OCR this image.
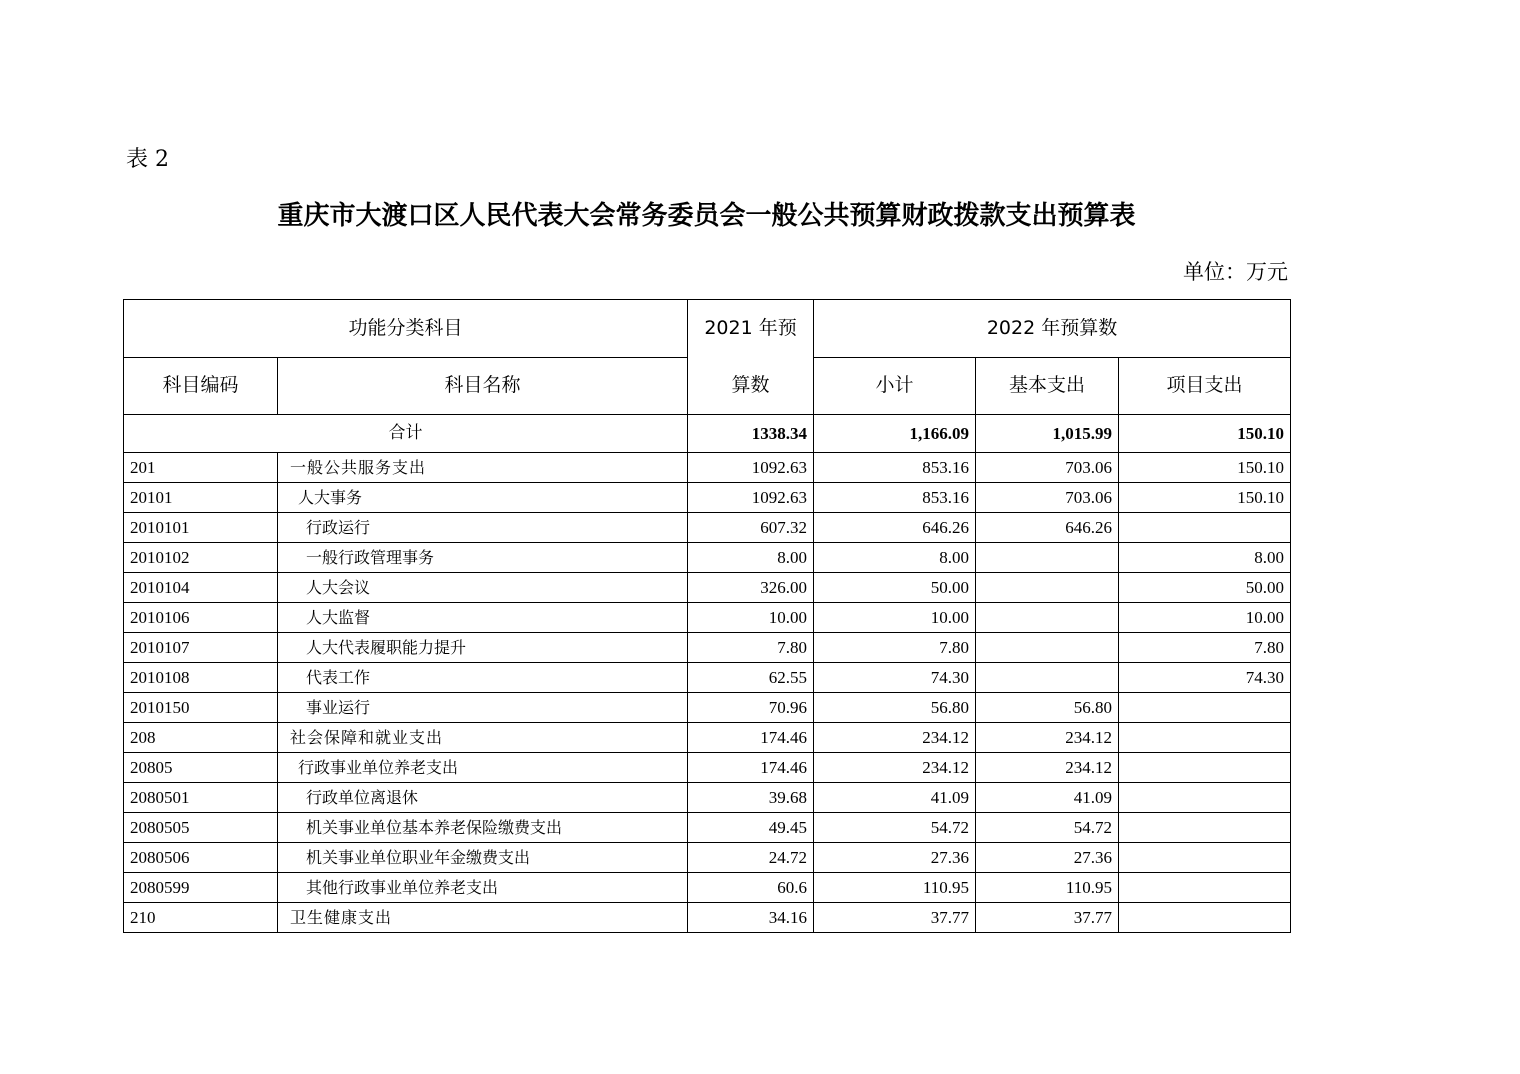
表 2
重庆市大渡口区人民代表大会常务委员会一般公共预算财政拨款支出预算表
单位：万元
功能分类科目		2021 年预
算数	2022 年预算数		
科目编码	科目名称		小计	基本支出	项目支出
合计		1338.34	1,166.09	1,015.99	150.10
201	一般公共服务支出	1092.63	853.16	703.06	150.10
20101	人大事务	1092.63	853.16	703.06	150.10
2010101	行政运行	607.32	646.26	646.26	
2010102	一般行政管理事务	8.00	8.00		8.00
2010104	人大会议	326.00	50.00		50.00
2010106	人大监督	10.00	10.00		10.00
2010107	人大代表履职能力提升	7.80	7.80		7.80
2010108	代表工作	62.55	74.30		74.30
2010150	事业运行	70.96	56.80	56.80	
208	社会保障和就业支出	174.46	234.12	234.12	
20805	行政事业单位养老支出	174.46	234.12	234.12	
2080501	行政单位离退休	39.68	41.09	41.09	
2080505	机关事业单位基本养老保险缴费支出	49.45	54.72	54.72	
2080506	机关事业单位职业年金缴费支出	24.72	27.36	27.36	
2080599	其他行政事业单位养老支出	60.6	110.95	110.95	
210	卫生健康支出	34.16	37.77	37.77	
